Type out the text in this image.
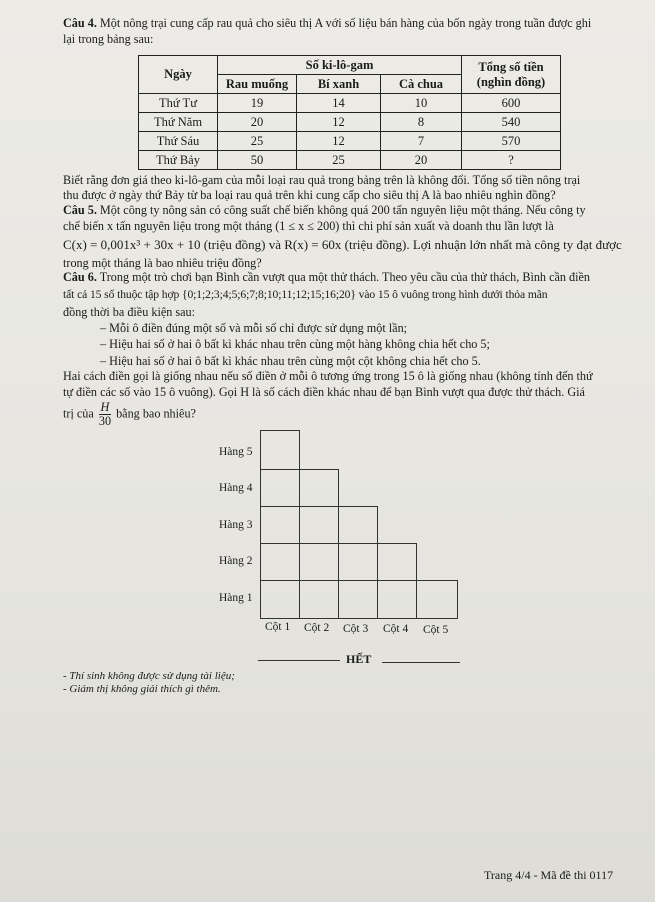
Câu 4. Một nông trại cung cấp rau quả cho siêu thị A với số liệu bán hàng của bốn ngày trong tuần được ghi
lại trong bảng sau:
Ngày	Số ki-lô-gam			Tổng số tiền
(nghìn đồng)
	Rau muống	Bí xanh	Cà chua	
Thứ Tư	19	14	10	600
Thứ Năm	20	12	8	540
Thứ Sáu	25	12	7	570
Thứ Bảy	50	25	20	?
Biết rằng đơn giá theo ki-lô-gam của mỗi loại rau quả trong bảng trên là không đổi. Tổng số tiền nông trại
thu được ở ngày thứ Bảy từ ba loại rau quả trên khi cung cấp cho siêu thị A là bao nhiêu nghìn đồng?
Câu 5. Một công ty nông sản có công suất chế biến không quá 200 tấn nguyên liệu một tháng. Nếu công ty
chế biến x tấn nguyên liệu trong một tháng (1 ≤ x ≤ 200) thì chi phí sản xuất và doanh thu lần lượt là
C(x) = 0,001x³ + 30x + 10 (triệu đồng) và R(x) = 60x (triệu đồng). Lợi nhuận lớn nhất mà công ty đạt được
trong một tháng là bao nhiêu triệu đồng?
Câu 6. Trong một trò chơi bạn Bình cần vượt qua một thử thách. Theo yêu cầu của thử thách, Bình cần điền
tất cả 15 số thuộc tập hợp {0;1;2;3;4;5;6;7;8;10;11;12;15;16;20} vào 15 ô vuông trong hình dưới thỏa mãn
đồng thời ba điều kiện sau:
– Mỗi ô điền đúng một số và mỗi số chỉ được sử dụng một lần;
– Hiệu hai số ở hai ô bất kì khác nhau trên cùng một hàng không chia hết cho 5;
– Hiệu hai số ở hai ô bất kì khác nhau trên cùng một cột không chia hết cho 5.
Hai cách điền gọi là giống nhau nếu số điền ở mỗi ô tương ứng trong 15 ô là giống nhau (không tính đến thứ
tự điền các số vào 15 ô vuông). Gọi H là số cách điền khác nhau để bạn Bình vượt qua được thử thách. Giá
trị của $\frac{H}{30}$ bằng bao nhiêu?
Hàng 5
Hàng 4
Hàng 3
Hàng 2
Hàng 1
Cột 1 Cột 2 Cột 3 Cột 4 Cột 5
HẾT
- Thí sinh không được sử dụng tài liệu;
- Giám thị không giải thích gì thêm.
Trang 4/4 - Mã đề thi 0117
